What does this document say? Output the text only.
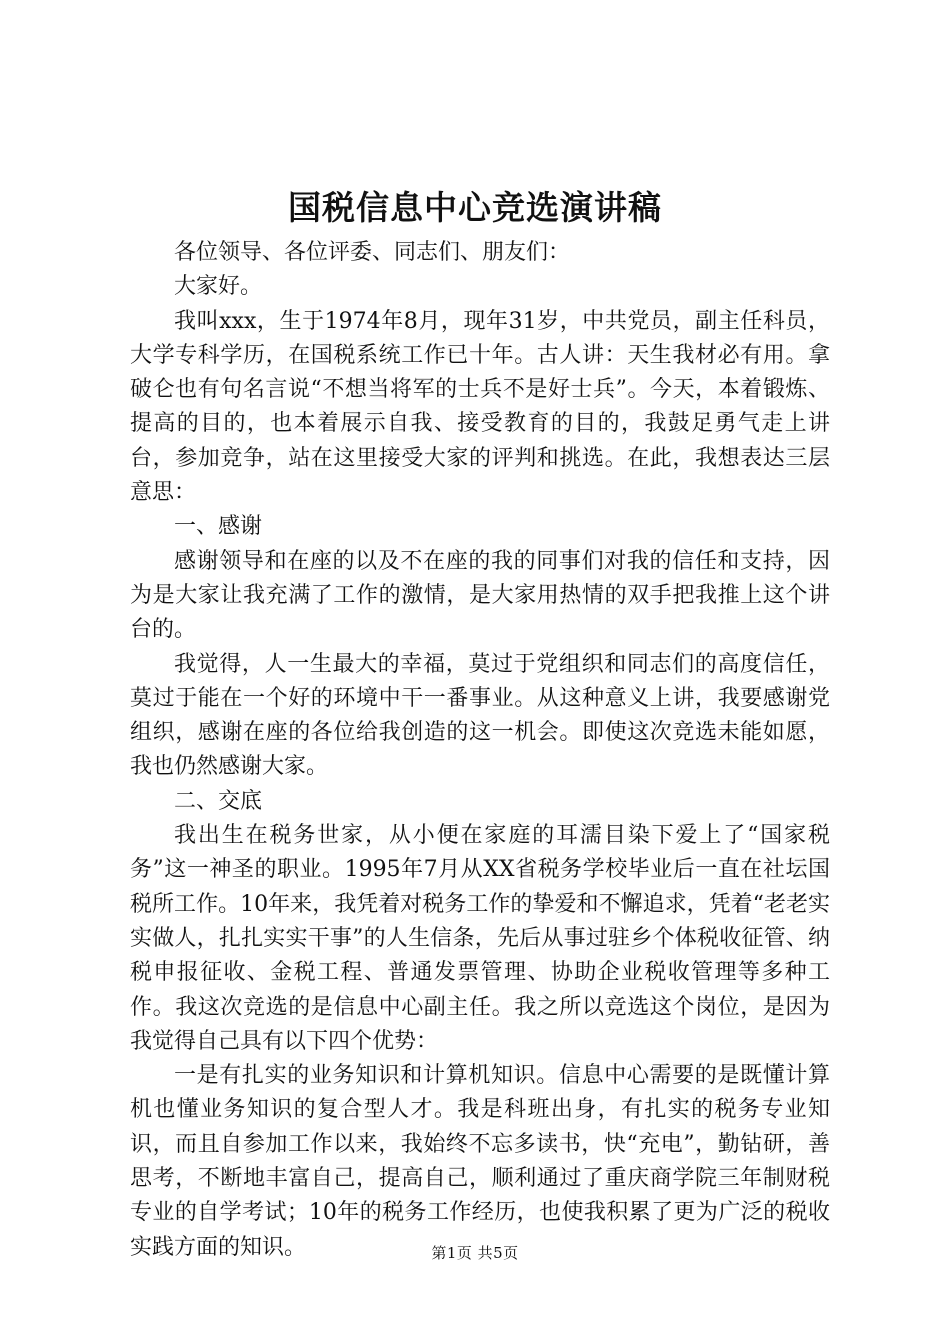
国税信息中心竞选演讲稿

各位领导、各位评委、同志们、朋友们：

大家好。

我叫xxx，生于1974年8月，现年31岁，中共党员，副主任科员，大学专科学历，在国税系统工作已十年。古人讲：天生我材必有用。拿破仑也有句名言说“不想当将军的士兵不是好士兵”。今天，本着锻炼、提高的目的，也本着展示自我、接受教育的目的，我鼓足勇气走上讲台，参加竞争，站在这里接受大家的评判和挑选。在此，我想表达三层意思：

一、感谢

感谢领导和在座的以及不在座的我的同事们对我的信任和支持，因为是大家让我充满了工作的激情，是大家用热情的双手把我推上这个讲台的。

我觉得，人一生最大的幸福，莫过于党组织和同志们的高度信任，莫过于能在一个好的环境中干一番事业。从这种意义上讲，我要感谢党组织，感谢在座的各位给我创造的这一机会。即使这次竞选未能如愿，我也仍然感谢大家。

二、交底

我出生在税务世家，从小便在家庭的耳濡目染下爱上了“国家税务”这一神圣的职业。1995年7月从XX省税务学校毕业后一直在社坛国税所工作。10年来，我凭着对税务工作的挚爱和不懈追求，凭着“老老实实做人，扎扎实实干事”的人生信条，先后从事过驻乡个体税收征管、纳税申报征收、金税工程、普通发票管理、协助企业税收管理等多种工作。我这次竞选的是信息中心副主任。我之所以竞选这个岗位，是因为我觉得自己具有以下四个优势：

一是有扎实的业务知识和计算机知识。信息中心需要的是既懂计算机也懂业务知识的复合型人才。我是科班出身，有扎实的税务专业知识，而且自参加工作以来，我始终不忘多读书，快“充电”，勤钻研，善思考，不断地丰富自己，提高自己，顺利通过了重庆商学院三年制财税专业的自学考试；10年的税务工作经历，也使我积累了更为广泛的税收实践方面的知识。	第1页 共5页
